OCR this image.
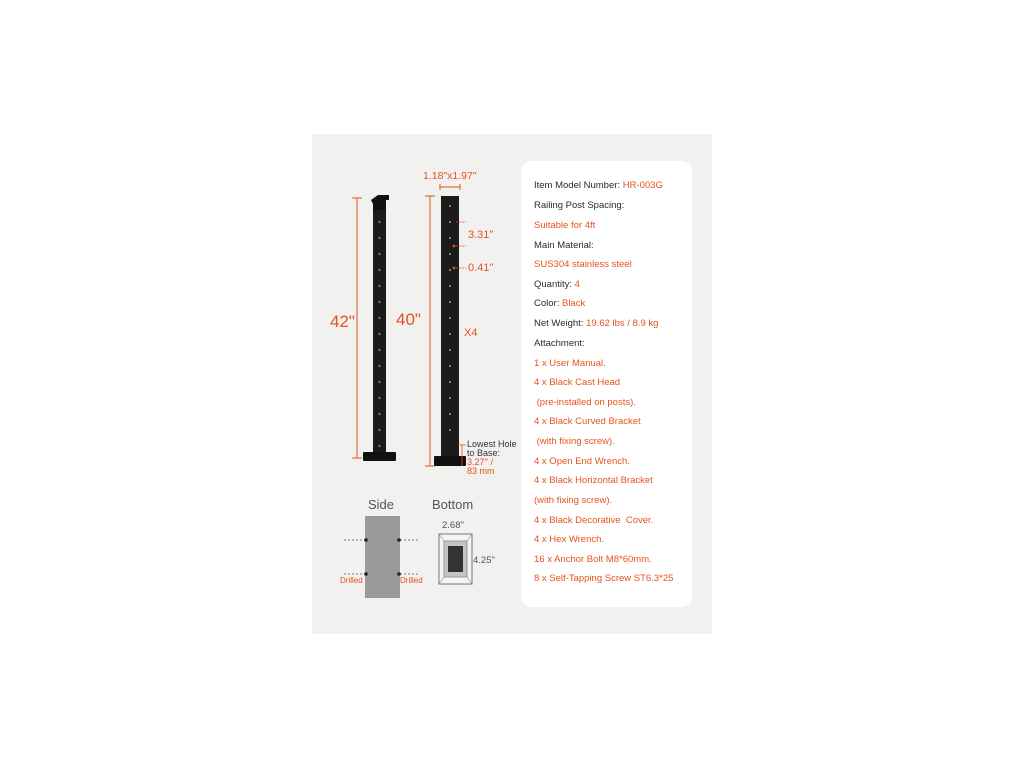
42" 40"
1.18"x1.97"
3.31"
0.41"
X4
Lowest Hole
to Base:
3.27'' /
83 mm
Side	Bottom
Drilled	Drilled
2.68"
4.25"
Item Model Number: HR-003G
Railing Post Spacing:
Suitable for 4ft
Main Material:
SUS304 stainless steel
Quantity: 4
Color: Black
Net Weight: 19.62 lbs / 8.9 kg
Attachment:
1 x User Manual.
4 x Black Cast Head
(pre-installed on posts).
4 x Black Curved Bracket
(with fixing screw).
4 x Open End Wrench.
4 x Black Horizontal Bracket
(with fixing screw).
4 x Black Decorative  Cover.
4 x Hex Wrench.
16 x Anchor Bolt M8*60mm.
8 x Self-Tapping Screw ST6.3*25
